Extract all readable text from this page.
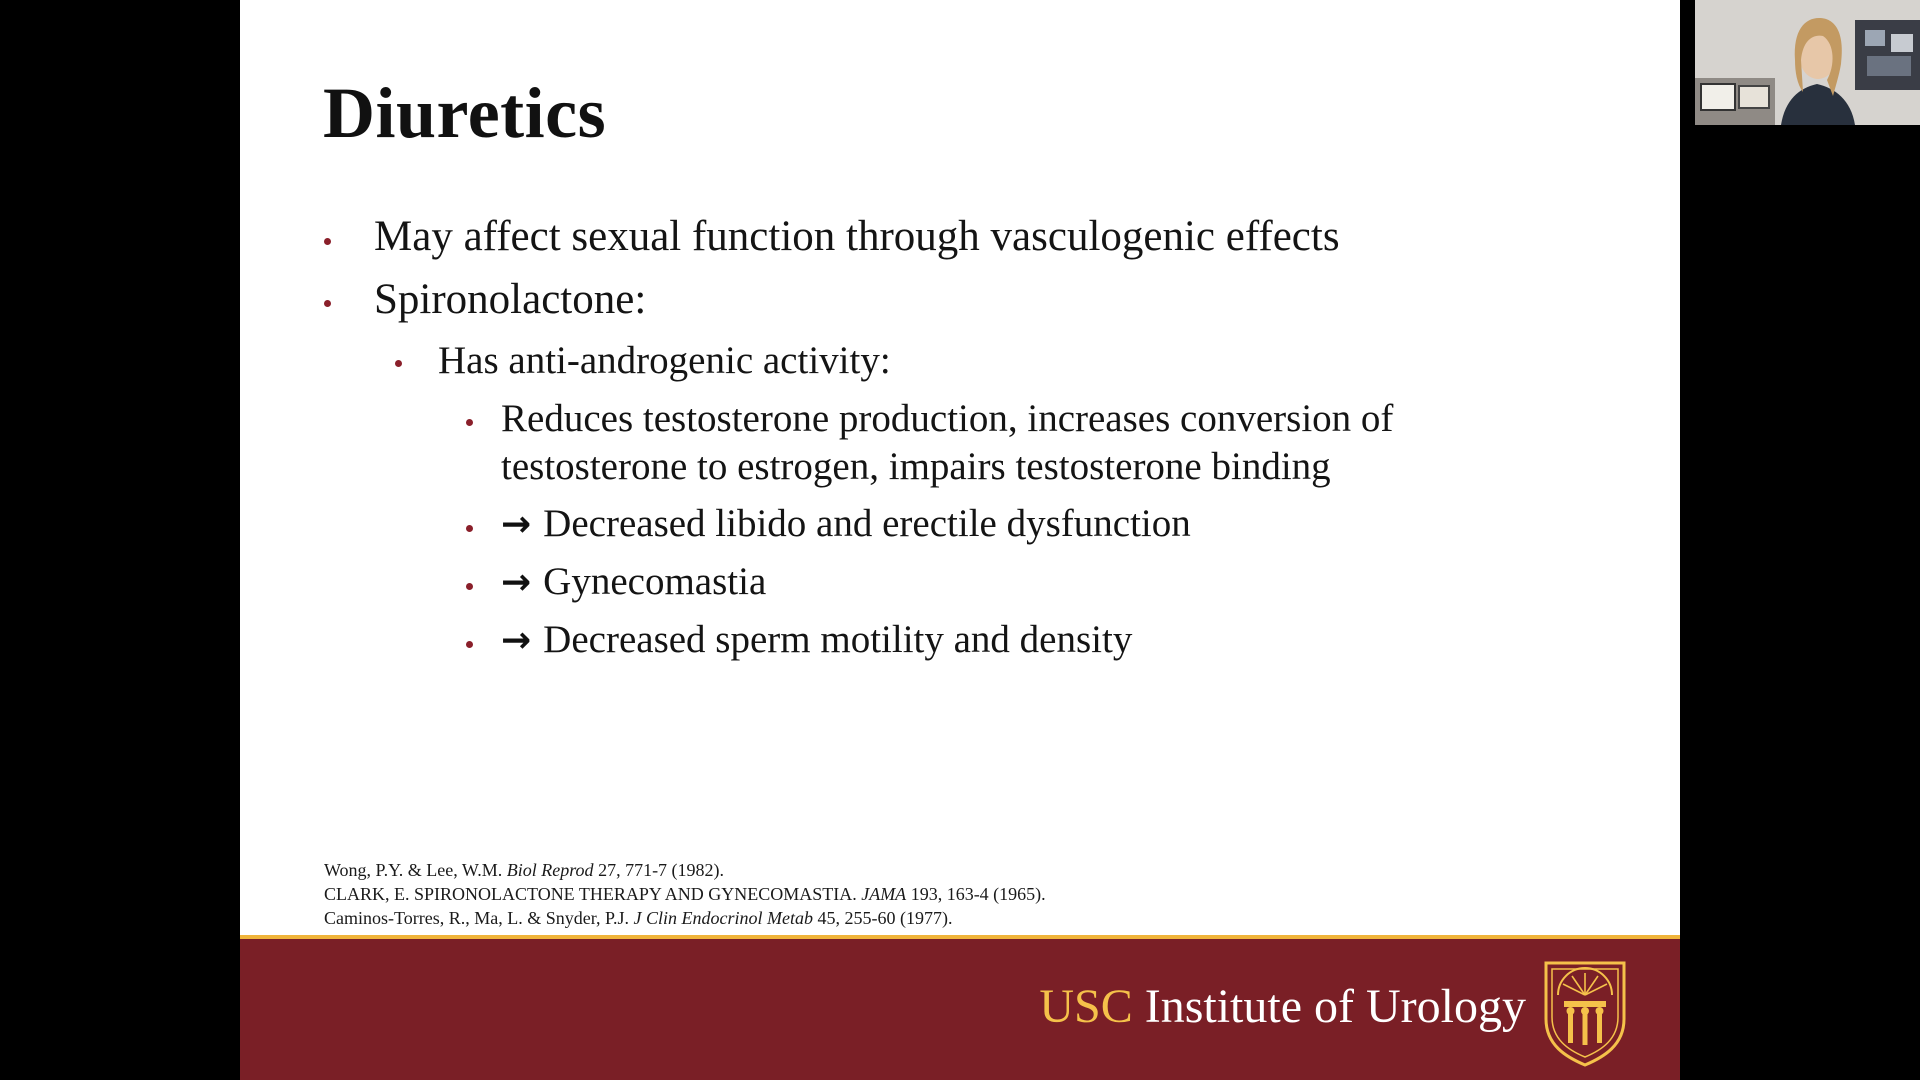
Diuretics
May affect sexual function through vasculogenic effects
Spironolactone:
Has anti-androgenic activity:
Reduces testosterone production, increases conversion of
testosterone to estrogen, impairs testosterone binding
→ Decreased libido and erectile dysfunction
→ Gynecomastia
→ Decreased sperm motility and density
Wong, P.Y. & Lee, W.M. Biol Reprod 27, 771-7 (1982).
CLARK, E. SPIRONOLACTONE THERAPY AND GYNECOMASTIA. JAMA 193, 163-4 (1965).
Caminos-Torres, R., Ma, L. & Snyder, P.J. J Clin Endocrinol Metab 45, 255-60 (1977).
USC Institute of Urology
